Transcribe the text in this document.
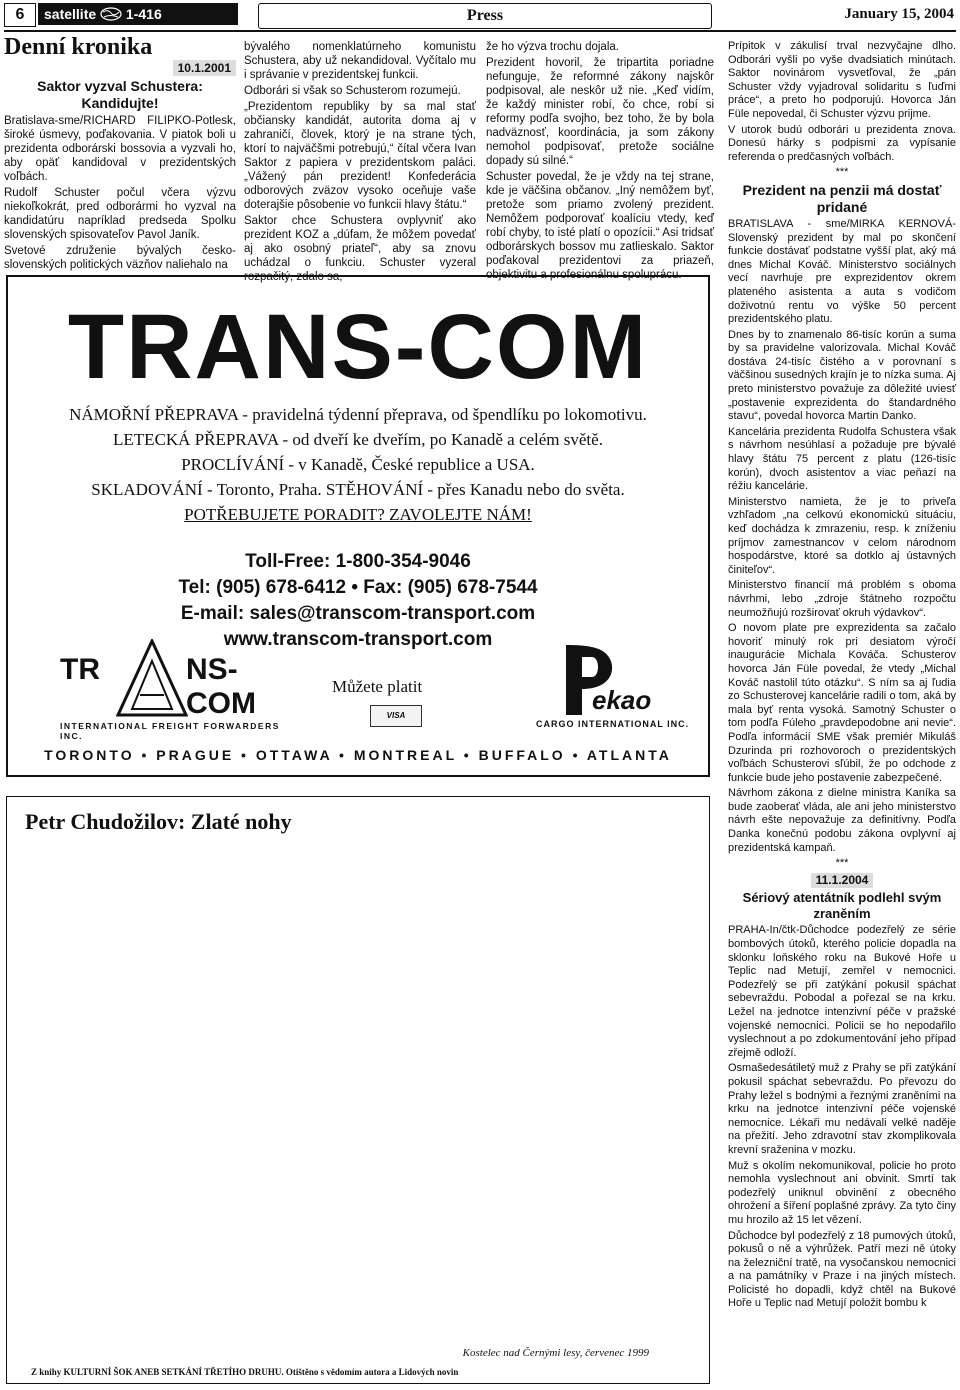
6	satellite 1-416	Press	January 15, 2004
Denní kronika
10.1.2001
Saktor vyzval Schustera: Kandidujte!

Bratislava-sme/RICHARD FILIPKO-Potlesk, široké úsmevy, poďakovania. V piatok boli u prezidenta odborárski bossovia a vyzvali ho, aby opäť kandidoval v prezidentských voľbách.

Rudolf Schuster počul včera výzvu niekoľkokrát, pred odborármi ho vyzval na kandidatúru napríklad predseda Spolku slovenských spisovateľov Pavol Janík.

Svetové združenie bývalých česko-slovenských politických väzňov naliehalo na

bývalého nomenklatúrneho komunistu Schustera, aby už nekandidoval. Vyčítalo mu i správanie v prezidentskej funkcii.

Odborári si však so Schusterom rozumejú.

„Prezidentom republiky by sa mal stať občiansky kandidát, autorita doma aj v zahraničí, človek, ktorý je na strane tých, ktorí to najväčšmi potrebujú,“ čítal včera Ivan Saktor z papiera v prezidentskom paláci. „Vážený pán prezident! Konfederácia odborových zväzov vysoko oceňuje vaše doterajšie pôsobenie vo funkcii hlavy štátu.“

Saktor chce Schustera ovplyvniť ako prezident KOZ a „dúfam, že môžem povedať aj ako osobný priateľ“, aby sa znovu uchádzal o funkciu. Schuster vyzeral rozpačitý, zdalo sa,

že ho výzva trochu dojala.

Prezident hovoril, že tripartita poriadne nefunguje, že reformné zákony najskôr podpisoval, ale neskôr už nie. „Keď vidím, že každý minister robí, čo chce, robí si reformy podľa svojho, bez toho, že by bola nadväznosť, koordinácia, ja som zákony nemohol podpisovať, pretože sociálne dopady sú silné.“

Schuster povedal, že je vždy na tej strane, kde je väčšina občanov. „Iný nemôžem byť, pretože som priamo zvolený prezident. Nemôžem podporovať koalíciu vtedy, keď robí chyby, to isté platí o opozícii.“ Asi tridsať odborárskych bossov mu zatlieskalo. Saktor poďakoval prezidentovi za priazeň, objektivitu a profesionálnu spoluprácu.

Prípitok v zákulisí trval nezvyčajne dlho. Odborári vyšli po vyše dvadsiatich minútach. Saktor novinárom vysvetľoval, že „pán Schuster vždy vyjadroval solidaritu s ľuďmi práce“, a preto ho podporujú. Hovorca Ján Füle nepovedal, či Schuster výzvu prijme.

V utorok budú odborári u prezidenta znova. Donesú hárky s podpismi za vypísanie referenda o predčasných voľbách.

***
Prezident na penzii má dostať pridané

BRATISLAVA - sme/MIRKA KERNOVÁ- Slovenský prezident by mal po skončení funkcie dostávať podstatne vyšší plat, aký má dnes Michal Kováč. Ministerstvo sociálnych vecí navrhuje pre exprezidentov okrem plateného asistenta a auta s vodičom doživotnú rentu vo výške 50 percent prezidentského platu.

Dnes by to znamenalo 86-tisíc korún a suma by sa pravidelne valorizovala. Michal Kováč dostáva 24-tisíc čistého a v porovnaní s väčšinou susedných krajín je to nízka suma. Aj preto ministerstvo považuje za dôležité uviesť „postavenie exprezidenta do štandardného stavu“, povedal hovorca Martin Danko.

Kancelária prezidenta Rudolfa Schustera však s návrhom nesúhlasí a požaduje pre bývalé hlavy štátu 75 percent z platu (126-tisíc korún), dvoch asistentov a viac peňazí na réžiu kancelárie.

Ministerstvo namieta, že je to priveľa vzhľadom „na celkovú ekonomickú situáciu, keď dochádza k zmrazeniu, resp. k zníženiu príjmov zamestnancov v celom národnom hospodárstve, ktoré sa dotklo aj ústavných činiteľov“.

Ministerstvo financií má problém s oboma návrhmi, lebo „zdroje štátneho rozpočtu neumožňujú rozširovať okruh výdavkov“.

O novom plate pre exprezidenta sa začalo hovoriť minulý rok pri desiatom výročí inaugurácie Michala Kováča. Schusterov hovorca Ján Füle povedal, že vtedy „Michal Kováč nastolil túto otázku“. S ním sa aj ľudia zo Schusterovej kancelárie radili o tom, aká by mala byť renta vysoká. Samotný Schuster o tom podľa Fúleho „pravdepodobne ani nevie“. Podľa informácií SME však premiér Mikuláš Dzurinda pri rozhovoroch o prezidentských voľbách Schusterovi sľúbil, že po odchode z funkcie bude jeho postavenie zabezpečené.

Návrhom zákona z dielne ministra Kaníka sa bude zaoberať vláda, ale ani jeho ministerstvo návrh ešte nepovažuje za definitívny. Podľa Danka konečnú podobu zákona ovplyvní aj prezidentská kampaň.

***
11.1.2004
Sériový atentátník podlehl svým zraněním

PRAHA-In/čtk-Důchodce podezřelý ze série bombových útoků, kterého policie dopadla na sklonku loňského roku na Bukové Hoře u Teplic nad Metují, zemřel v nemocnici. Podezřelý se při zatýkání pokusil spáchat sebevraždu. Pobodal a pořezal se na krku. Ležel na jednotce intenzivní péče v pražské vojenské nemocnici. Policii se ho nepodařilo vyslechnout a po zdokumentování jeho případ zřejmě odloží.

Osmašedesátiletý muž z Prahy se při zatýkání pokusil spáchat sebevraždu. Po převozu do Prahy ležel s bodnými a řeznými zraněními na krku na jednotce intenzivní péče vojenské nemocnice. Lékaři mu nedávali velké naděje na přežití. Jeho zdravotní stav zkomplikovala krevní sraženina v mozku.

Muž s okolím nekomunikoval, policie ho proto nemohla vyslechnout ani obvinit. Smrtí tak podezřelý uniknul obvinění z obecného ohrožení a šíření poplašné zprávy. Za tyto činy mu hrozilo až 15 let vězení.

Důchodce byl podezřelý z 18 pumových útoků, pokusů o ně a výhrůžek. Patří mezi ně útoky na železniční tratě, na vysočanskou nemocnici a na památníky v Praze i na jiných místech. Policisté ho dopadli, když chtěl na Bukové Hoře u Teplic nad Metují položit bombu k

TRANS-COM
NÁMOŘNÍ PŘEPRAVA - pravidelná týdenní přeprava, od špendlíku po lokomotivu.
LETECKÁ PŘEPRAVA - od dveří ke dveřím, po Kanadě a celém světě.
PROCLÍVÁNÍ - v Kanadě, České republice a USA.
SKLADOVÁNÍ - Toronto, Praha. STĚHOVÁNÍ - přes Kanadu nebo do světa.
POTŘEBUJETE PORADIT? ZAVOLEJTE NÁM!
Toll-Free: 1-800-354-9046
Tel: (905) 678-6412 • Fax: (905) 678-7544
E-mail: sales@transcom-transport.com
www.transcom-transport.com
TR	NS-COM
INTERNATIONAL FREIGHT FORWARDERS INC.
Můžete platit
VISA
ekao
CARGO INTERNATIONAL INC.
TORONTO • PRAGUE • OTTAWA • MONTREAL • BUFFALO • ATLANTA
Petr Chudožilov: Zlaté nohy
Kostelec nad Černými lesy, červenec 1999
Z knihy KULTURNÍ ŠOK ANEB SETKÁNÍ TŘETÍHO DRUHU. Otištěno s vědomím autora a Lidových novin
